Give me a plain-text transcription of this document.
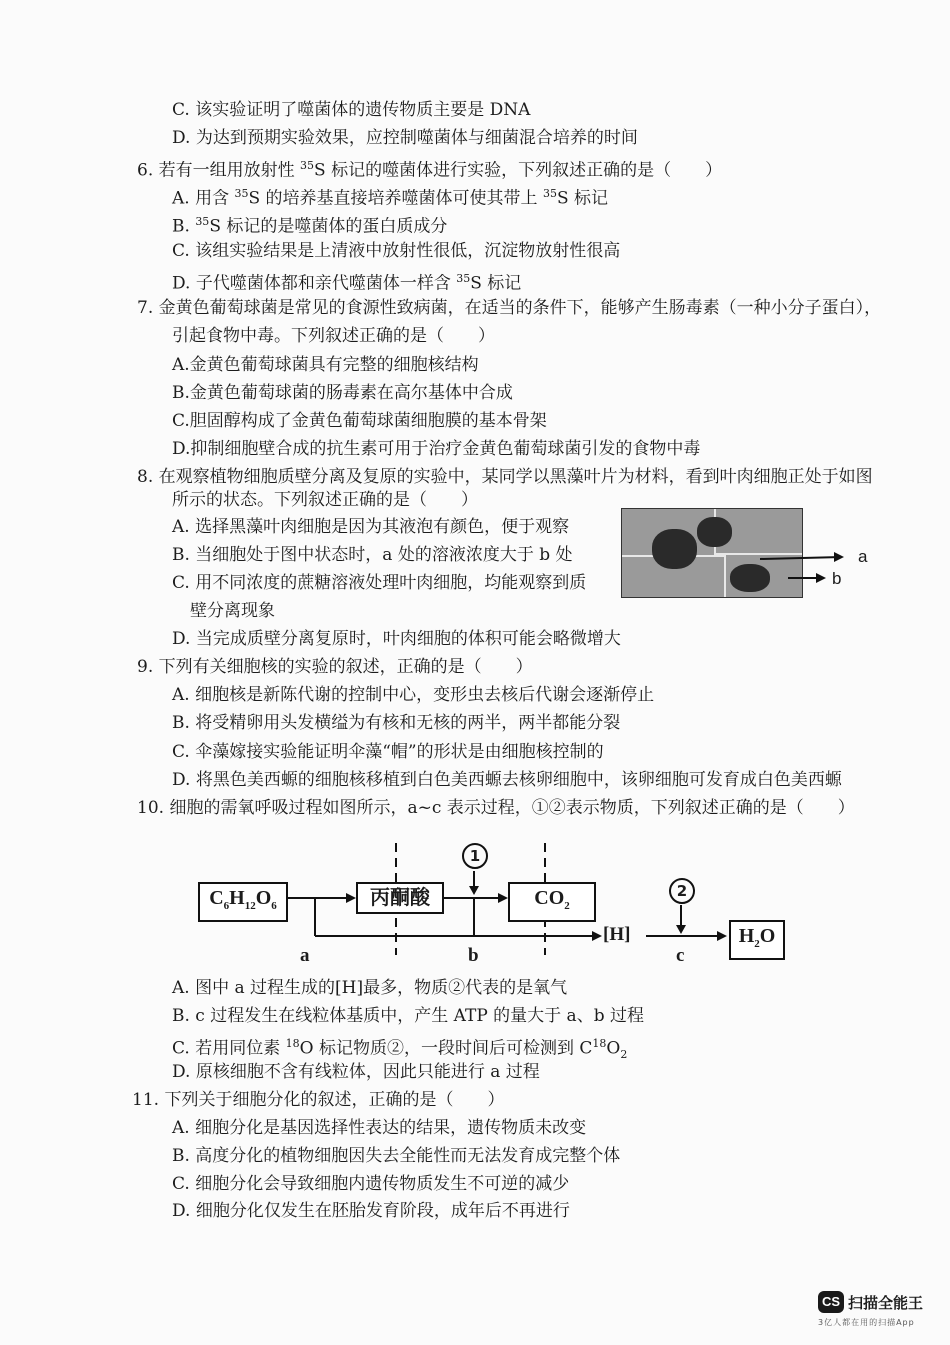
C. 该实验证明了噬菌体的遗传物质主要是 DNA
D. 为达到预期实验效果，应控制噬菌体与细菌混合培养的时间
6. 若有一组用放射性 $^{35}$S 标记的噬菌体进行实验，下列叙述正确的是（　　）
A. 用含 $^{35}$S 的培养基直接培养噬菌体可使其带上 $^{35}$S 标记
B. $^{35}$S 标记的是噬菌体的蛋白质成分
C. 该组实验结果是上清液中放射性很低，沉淀物放射性很高
D. 子代噬菌体都和亲代噬菌体一样含 $^{35}$S 标记
7. 金黄色葡萄球菌是常见的食源性致病菌，在适当的条件下，能够产生肠毒素（一种小分子蛋白），
引起食物中毒。下列叙述正确的是（　　）
A.金黄色葡萄球菌具有完整的细胞核结构
B.金黄色葡萄球菌的肠毒素在高尔基体中合成
C.胆固醇构成了金黄色葡萄球菌细胞膜的基本骨架
D.抑制细胞壁合成的抗生素可用于治疗金黄色葡萄球菌引发的食物中毒
8. 在观察植物细胞质壁分离及复原的实验中，某同学以黑藻叶片为材料，看到叶肉细胞正处于如图
所示的状态。下列叙述正确的是（　　）
A. 选择黑藻叶肉细胞是因为其液泡有颜色，便于观察
B. 当细胞处于图中状态时，a 处的溶液浓度大于 b 处
C. 用不同浓度的蔗糖溶液处理叶肉细胞，均能观察到质
壁分离现象
D. 当完成质壁分离复原时，叶肉细胞的体积可能会略微增大
a
b
9. 下列有关细胞核的实验的叙述，正确的是（　　）
A. 细胞核是新陈代谢的控制中心，变形虫去核后代谢会逐渐停止
B. 将受精卵用头发横缢为有核和无核的两半，两半都能分裂
C. 伞藻嫁接实验能证明伞藻“帽”的形状是由细胞核控制的
D. 将黑色美西螈的细胞核移植到白色美西螈去核卵细胞中，该卵细胞可发育成白色美西螈
10. 细胞的需氧呼吸过程如图所示，a~c 表示过程，①②表示物质，下列叙述正确的是（　　）
$C_6H_{12}O_6$	丙酮酸	$CO_2$
[H]	$H_2O$
a	b	c
1
2
A. 图中 a 过程生成的[H]最多，物质②代表的是氧气
B. c 过程发生在线粒体基质中，产生 ATP 的量大于 a、b 过程
C. 若用同位素 $^{18}$O 标记物质②，一段时间后可检测到 $C^{18}O_2$
D. 原核细胞不含有线粒体，因此只能进行 a 过程
11. 下列关于细胞分化的叙述，正确的是（　　）
A. 细胞分化是基因选择性表达的结果，遗传物质未改变
B. 高度分化的植物细胞因失去全能性而无法发育成完整个体
C. 细胞分化会导致细胞内遗传物质发生不可逆的减少
D. 细胞分化仅发生在胚胎发育阶段，成年后不再进行
CS 扫描全能王
3亿人都在用的扫描App
